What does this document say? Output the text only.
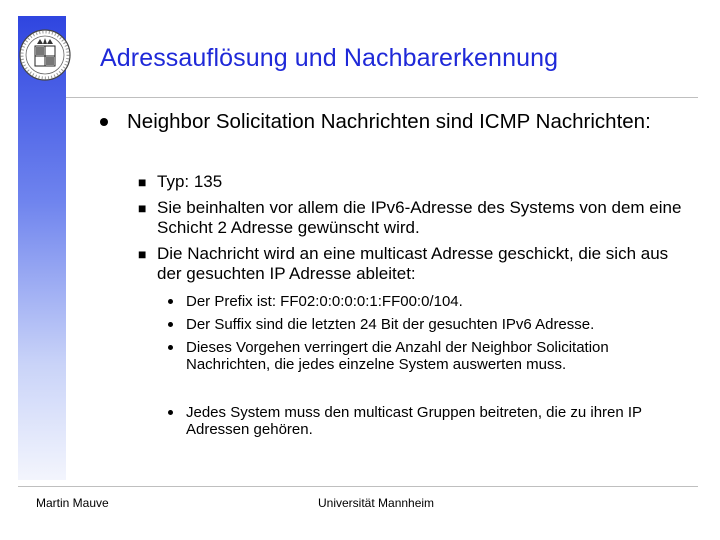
Adressauflösung und Nachbarerkennung
Neighbor Solicitation Nachrichten sind ICMP Nachrichten:
■ Typ: 135
■ Sie beinhalten vor allem die IPv6-Adresse des Systems von dem eine Schicht 2 Adresse gewünscht wird.
■ Die Nachricht wird an eine multicast Adresse geschickt, die sich aus der gesuchten IP Adresse ableitet:
Der Prefix ist: FF02:0:0:0:0:1:FF00:0/104.
Der Suffix sind die letzten 24 Bit der gesuchten IPv6 Adresse.
Dieses Vorgehen verringert die Anzahl der Neighbor Solicitation Nachrichten, die jedes einzelne System auswerten muss.
Jedes System muss den multicast Gruppen beitreten, die zu ihren IP Adressen gehören.
Martin Mauve	Universität Mannheim
